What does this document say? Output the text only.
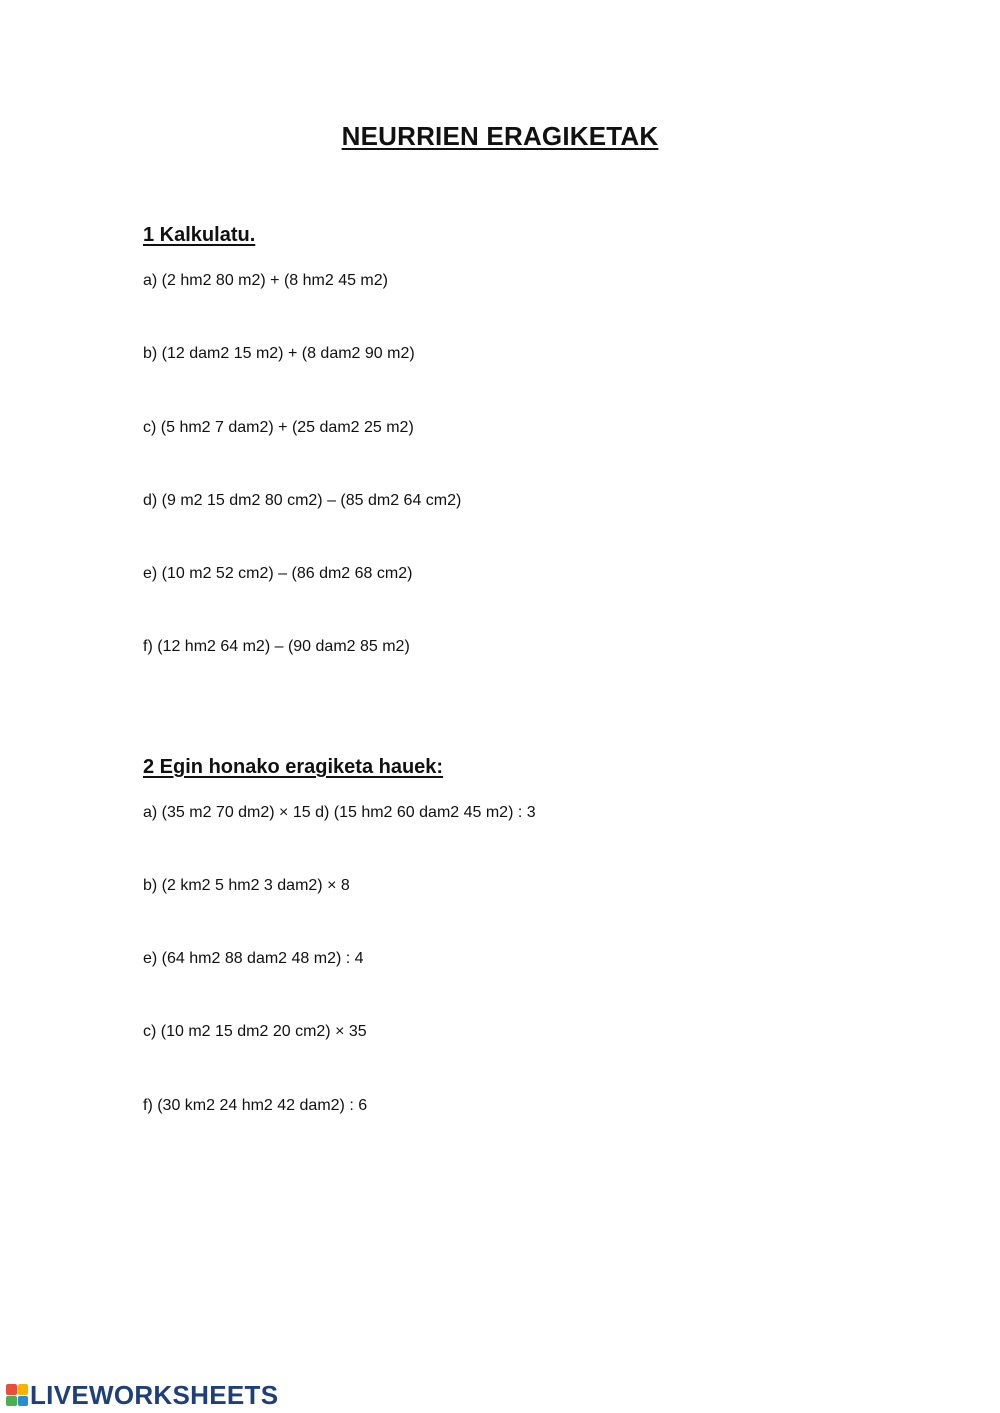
NEURRIEN ERAGIKETAK
1 Kalkulatu.
a) (2 hm2 80 m2) + (8 hm2 45 m2)
b) (12 dam2 15 m2) + (8 dam2 90 m2)
c) (5 hm2 7 dam2) + (25 dam2 25 m2)
d) (9 m2 15 dm2 80 cm2) – (85 dm2 64 cm2)
e) (10 m2 52 cm2) – (86 dm2 68 cm2)
f) (12 hm2 64 m2) – (90 dam2 85 m2)
2 Egin honako eragiketa hauek:
a) (35 m2 70 dm2) × 15 d) (15 hm2 60 dam2 45 m2) : 3
b) (2 km2 5 hm2 3 dam2) × 8
e) (64 hm2 88 dam2 48 m2) : 4
c) (10 m2 15 dm2 20 cm2) × 35
f) (30 km2 24 hm2 42 dam2) : 6
LIVEWORKSHEETS
